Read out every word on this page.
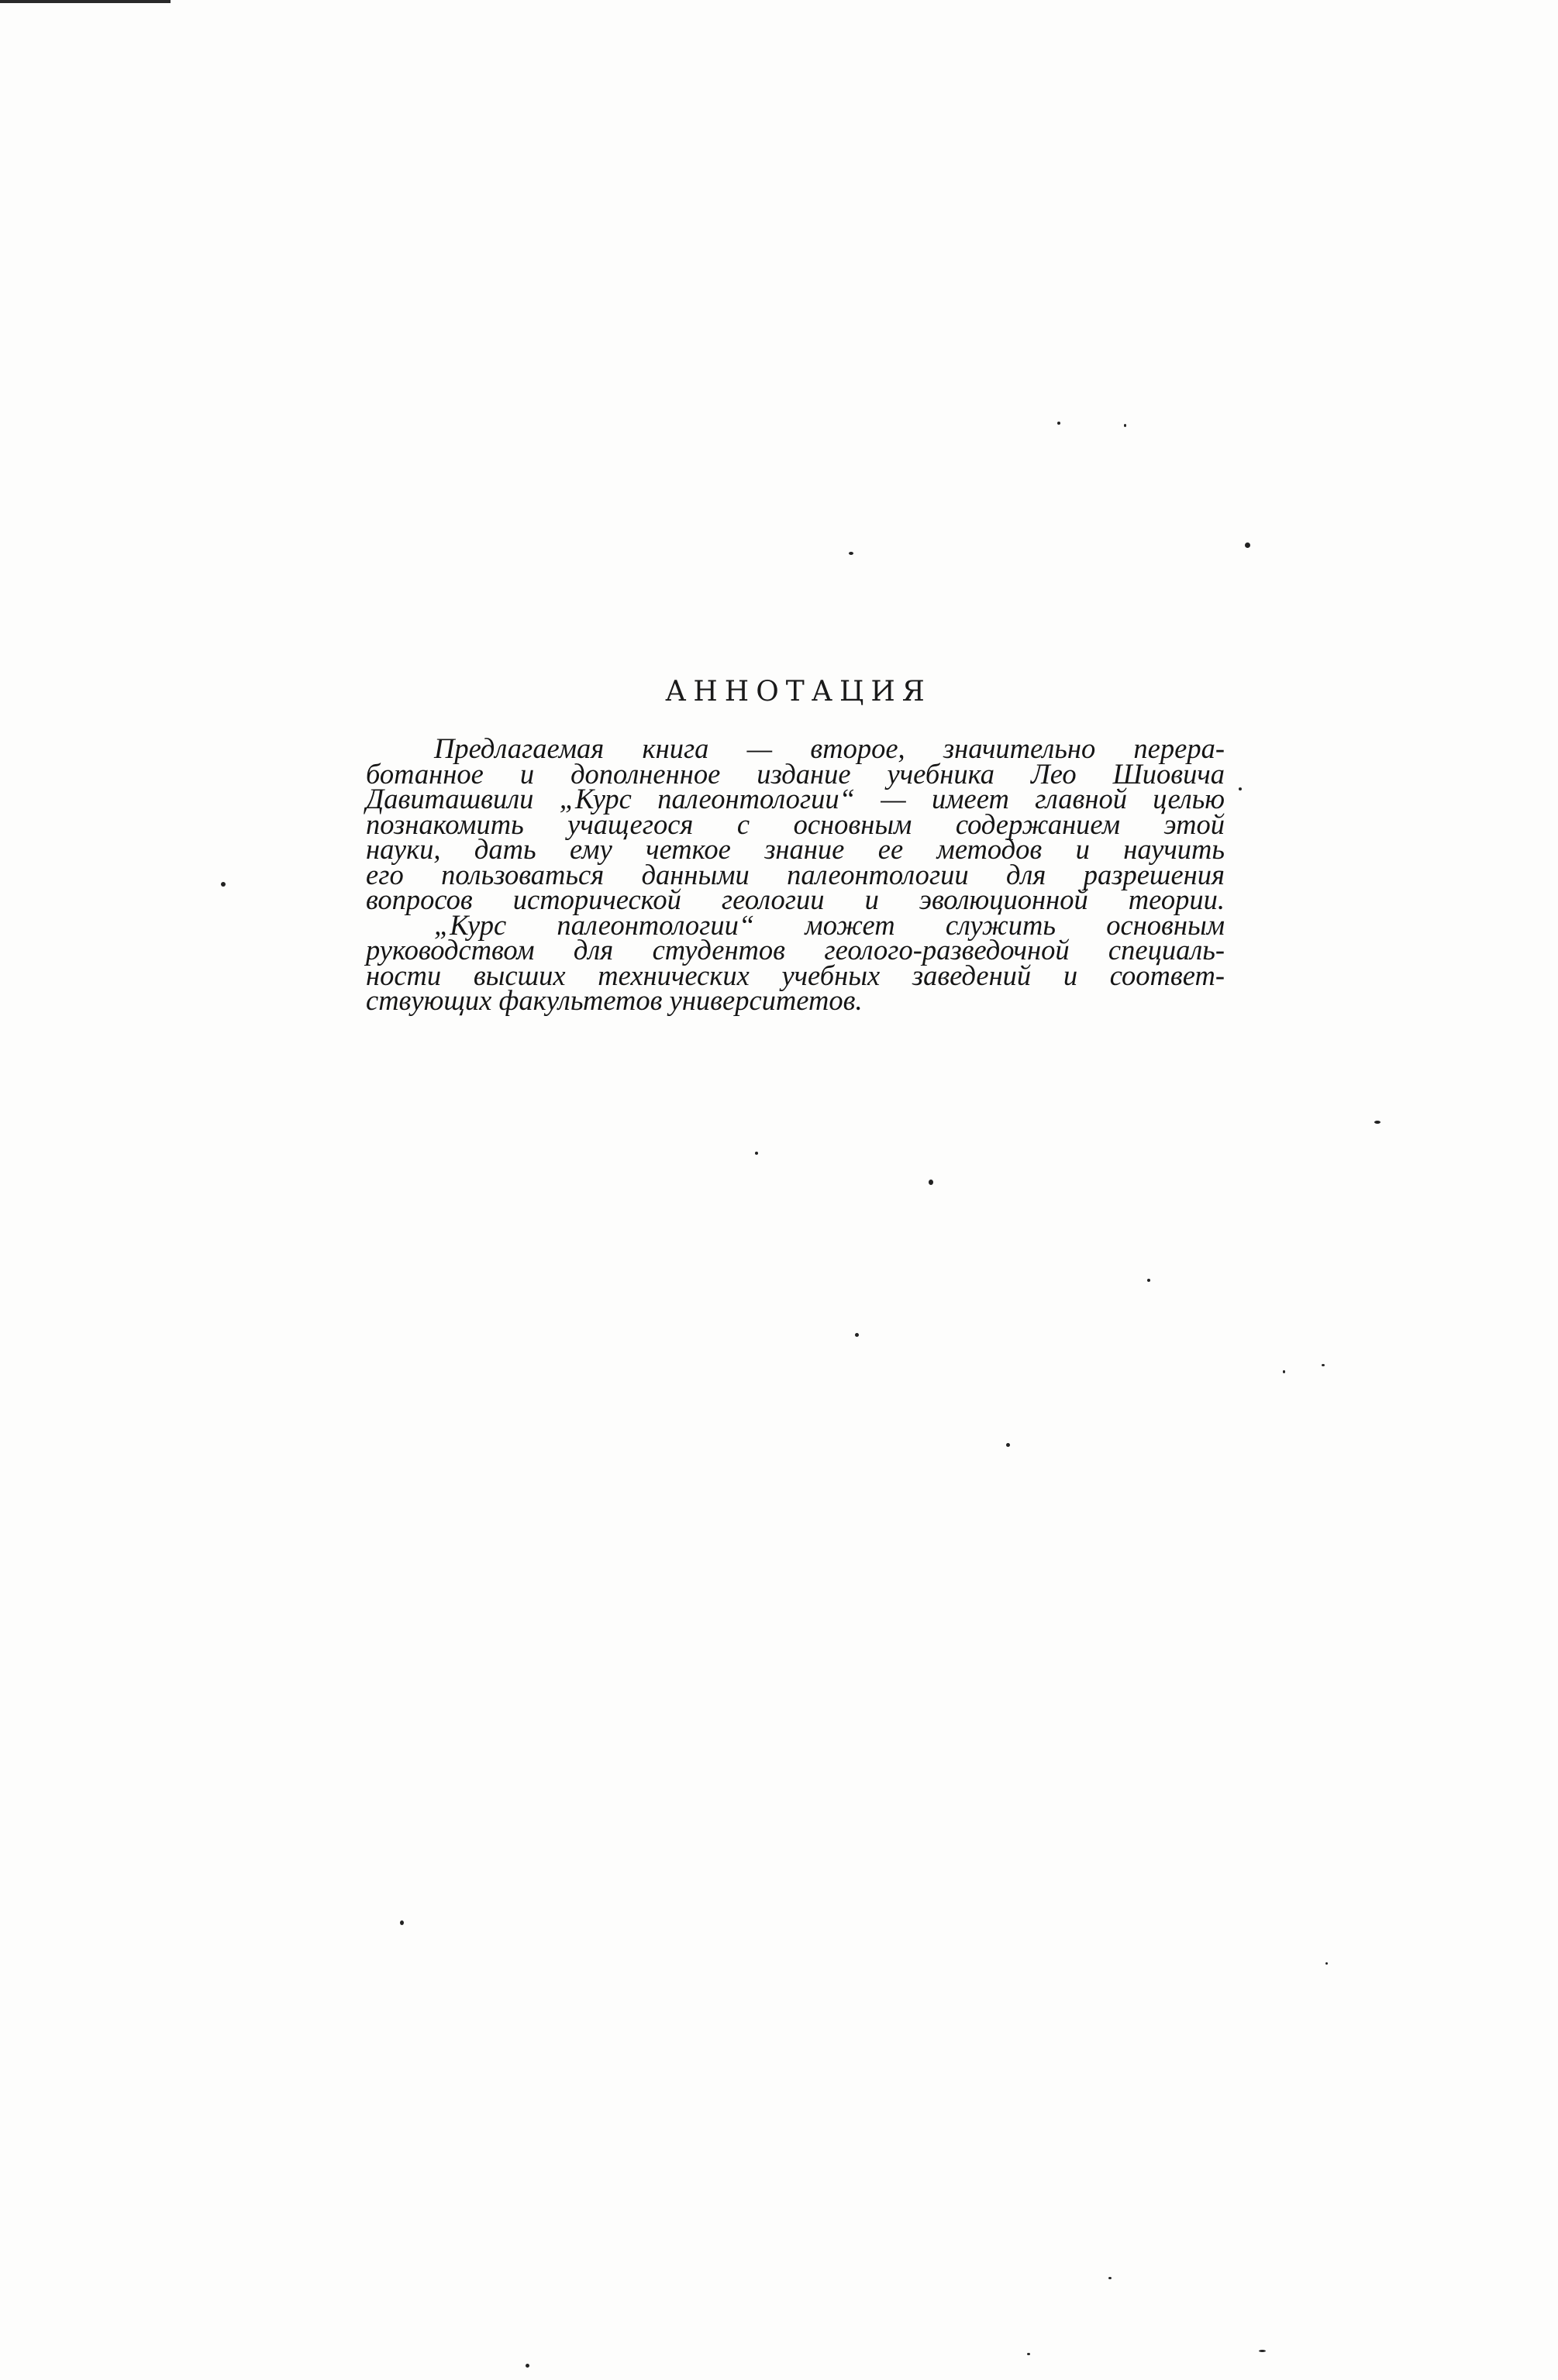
АННОТАЦИЯ
Предлагаемая книга — второе, значительно перера-
ботанное и дополненное издание учебника Лео Шиовича
Давиташвили „Курс палеонтологии“ — имеет главной целью
познакомить учащегося с основным содержанием этой
науки, дать ему четкое знание ее методов и научить
его пользоваться данными палеонтологии для разрешения
вопросов исторической геологии и эволюционной теории.
„Курс палеонтологии“ может служить основным
руководством для студентов геолого-разведочной специаль-
ности высших технических учебных заведений и соответ-
ствующих факультетов университетов.
